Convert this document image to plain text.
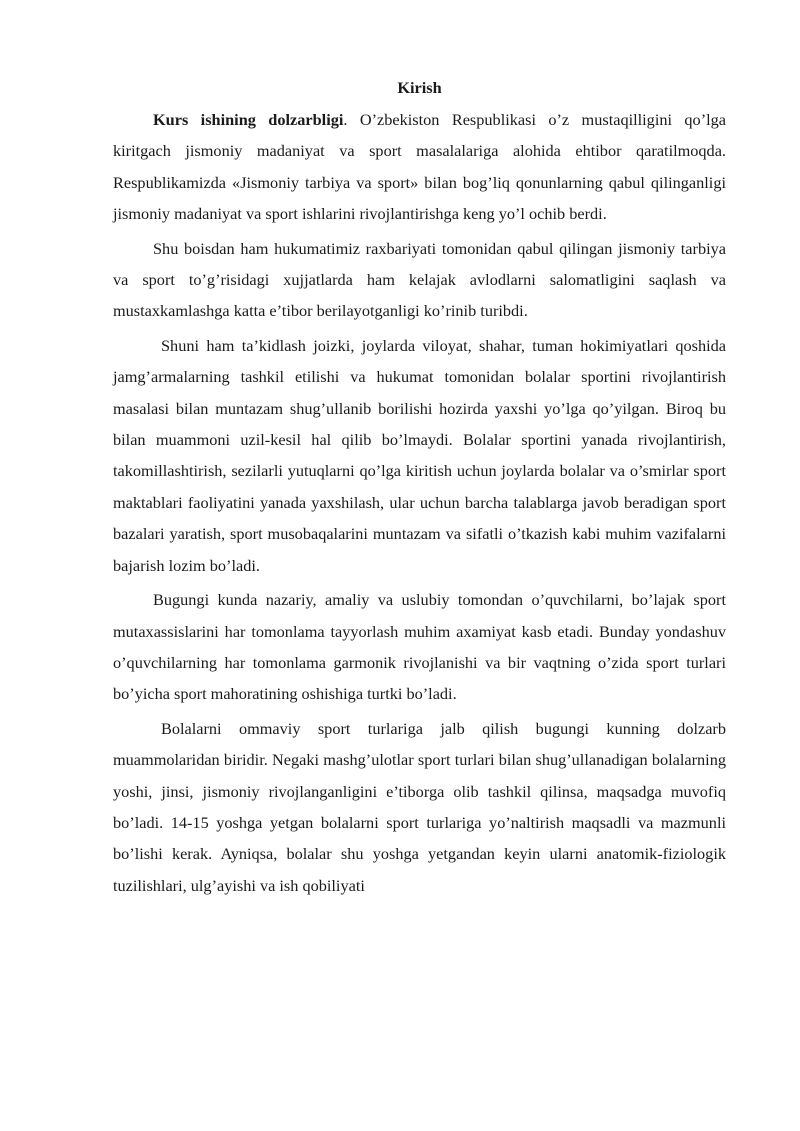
Kirish

Kurs ishining dolzarbligi. O’zbekiston Respublikasi o’z mustaqilligini qo’lga kiritgach jismoniy madaniyat va sport masalalariga alohida ehtibor qaratilmoqda. Respublikamizda «Jismoniy tarbiya va sport» bilan bog’liq qonunlarning qabul qilinganligi jismoniy madaniyat va sport ishlarini rivojlantirishga keng yo’l ochib berdi.

Shu boisdan ham hukumatimiz raxbariyati tomonidan qabul qilingan jismoniy tarbiya va sport to’g’risidagi xujjatlarda ham kelajak avlodlarni salomatligini saqlash va mustaxkamlashga katta e’tibor berilayotganligi ko’rinib turibdi.

Shuni ham ta’kidlash joizki, joylarda viloyat, shahar, tuman hokimiyatlari qoshida jamg’armalarning tashkil etilishi va hukumat tomonidan bolalar sportini rivojlantirish masalasi bilan muntazam shug’ullanib borilishi hozirda yaxshi yo’lga qo’yilgan. Biroq bu bilan muammoni uzil-kesil hal qilib bo’lmaydi. Bolalar sportini yanada rivojlantirish, takomillashtirish, sezilarli yutuqlarni qo’lga kiritish uchun joylarda bolalar va o’smirlar sport maktablari faoliyatini yanada yaxshilash, ular uchun barcha talablarga javob beradigan sport bazalari yaratish, sport musobaqalarini muntazam va sifatli o’tkazish kabi muhim vazifalarni bajarish lozim bo’ladi.

Bugungi kunda nazariy, amaliy va uslubiy tomondan o’quvchilarni, bo’lajak sport mutaxassislarini har tomonlama tayyorlash muhim axamiyat kasb etadi. Bunday yondashuv o’quvchilarning har tomonlama garmonik rivojlanishi va bir vaqtning o’zida sport turlari bo’yicha sport mahoratining oshishiga turtki bo’ladi.

Bolalarni ommaviy sport turlariga jalb qilish bugungi kunning dolzarb muammolaridan biridir. Negaki mashg’ulotlar sport turlari bilan shug’ullanadigan bolalarning yoshi, jinsi, jismoniy rivojlanganligini e’tiborga olib tashkil qilinsa, maqsadga muvofiq bo’ladi. 14-15 yoshga yetgan bolalarni sport turlariga yo’naltirish maqsadli va mazmunli bo’lishi kerak. Ayniqsa, bolalar shu yoshga yetgandan keyin ularni anatomik-fiziologik tuzilishlari, ulg’ayishi va ish qobiliyati
